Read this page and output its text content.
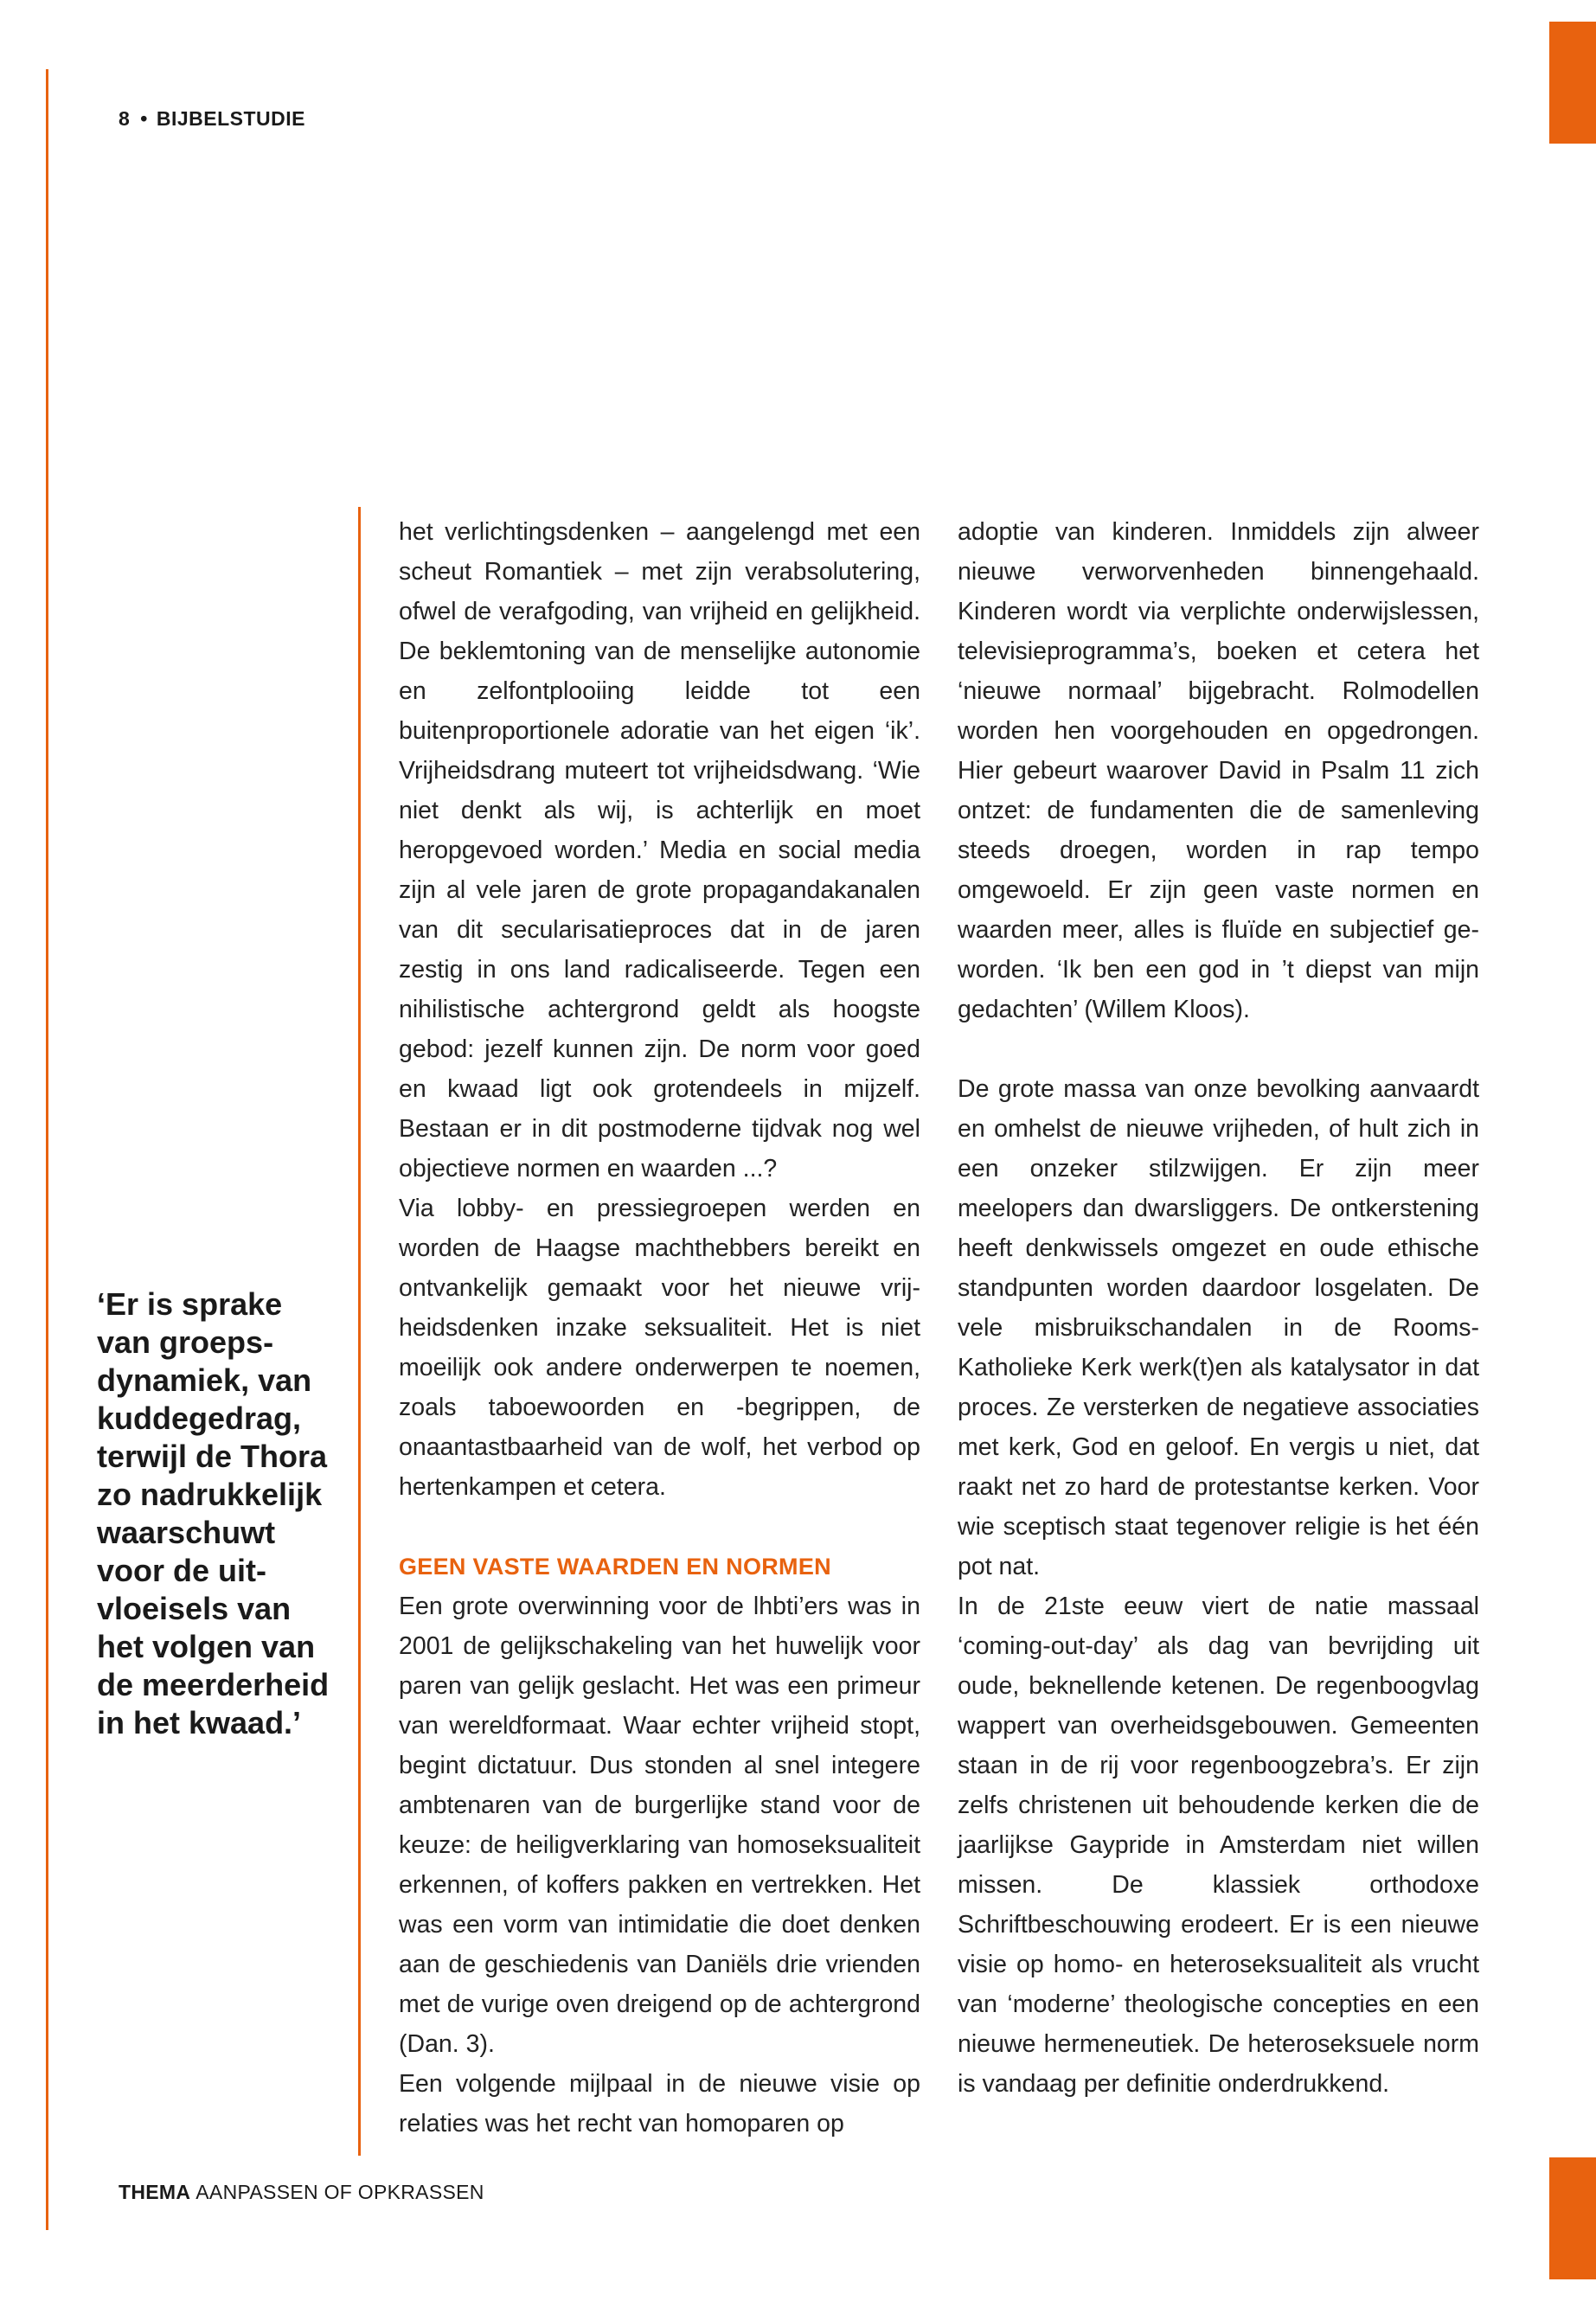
8 • BIJBELSTUDIE
‘Er is sprake van groepsdynamiek, van kuddegedrag, terwijl de Thora zo nadrukkelijk waarschuwt voor de uitvloeisels van het volgen van de meerderheid in het kwaad.’

het verlichtingsdenken – aangelengd met een scheut Romantiek – met zijn verabsolutering, ofwel de verafgoding, van vrijheid en gelijkheid. De beklemtoning van de menselijke autonomie en zelfontplooiing leidde tot een buitenproportionele adoratie van het eigen ‘ik’. Vrijheidsdrang muteert tot vrijheidsdwang. ‘Wie niet denkt als wij, is achterlijk en moet heropgevoed worden.’ Media en social media zijn al vele jaren de grote propagandakanalen van dit secularisatieproces dat in de jaren zestig in ons land radicaliseerde. Tegen een nihilistische achtergrond geldt als hoogste gebod: jezelf kunnen zijn. De norm voor goed en kwaad ligt ook grotendeels in mijzelf. Bestaan er in dit postmoderne tijdvak nog wel objectieve normen en waarden ...?

Via lobby- en pressiegroepen werden en worden de Haagse machthebbers bereikt en ontvankelijk gemaakt voor het nieuwe vrijheidsdenken inzake seksualiteit. Het is niet moeilijk ook andere onderwerpen te noemen, zoals taboewoorden en -begrippen, de onaantastbaarheid van de wolf, het verbod op hertenkampen et cetera.

GEEN VASTE WAARDEN EN NORMEN

Een grote overwinning voor de lhbti’ers was in 2001 de gelijkschakeling van het huwelijk voor paren van gelijk geslacht. Het was een primeur van wereldformaat. Waar echter vrijheid stopt, begint dictatuur. Dus stonden al snel integere ambtenaren van de burgerlijke stand voor de keuze: de heiligverklaring van homoseksualiteit erkennen, of koffers pakken en vertrekken. Het was een vorm van intimidatie die doet denken aan de geschiedenis van Daniëls drie vrienden met de vurige oven dreigend op de achtergrond (Dan. 3).

Een volgende mijlpaal in de nieuwe visie op relaties was het recht van homoparen op

adoptie van kinderen. Inmiddels zijn alweer nieuwe verworvenheden binnengehaald. Kinderen wordt via verplichte onderwijslessen, televisieprogramma’s, boeken et cetera het ‘nieuwe normaal’ bijgebracht. Rolmodellen worden hen voorgehouden en opgedrongen. Hier gebeurt waarover David in Psalm 11 zich ontzet: de fundamenten die de samenleving steeds droegen, worden in rap tempo omgewoeld. Er zijn geen vaste normen en waarden meer, alles is fluïde en subjectief geworden. ‘Ik ben een god in ’t diepst van mijn gedachten’ (Willem Kloos).

De grote massa van onze bevolking aanvaardt en omhelst de nieuwe vrijheden, of hult zich in een onzeker stilzwijgen. Er zijn meer meelopers dan dwarsliggers. De ontkerstening heeft denkwissels omgezet en oude ethische standpunten worden daardoor losgelaten. De vele misbruikschandalen in de Rooms-Katholieke Kerk werk(t)en als katalysator in dat proces. Ze versterken de negatieve associaties met kerk, God en geloof. En vergis u niet, dat raakt net zo hard de protestantse kerken. Voor wie sceptisch staat tegenover religie is het één pot nat.

In de 21ste eeuw viert de natie massaal ‘coming-out-day’ als dag van bevrijding uit oude, beknellende ketenen. De regenboogvlag wappert van overheidsgebouwen. Gemeenten staan in de rij voor regenboogzebra’s. Er zijn zelfs christenen uit behoudende kerken die de jaarlijkse Gaypride in Amsterdam niet willen missen. De klassiek orthodoxe Schriftbeschouwing erodeert. Er is een nieuwe visie op homo- en heteroseksualiteit als vrucht van ‘moderne’ theologische concepties en een nieuwe hermeneutiek. De heteroseksuele norm is vandaag per definitie onderdrukkend.

THEMA AANPASSEN OF OPKRASSEN
